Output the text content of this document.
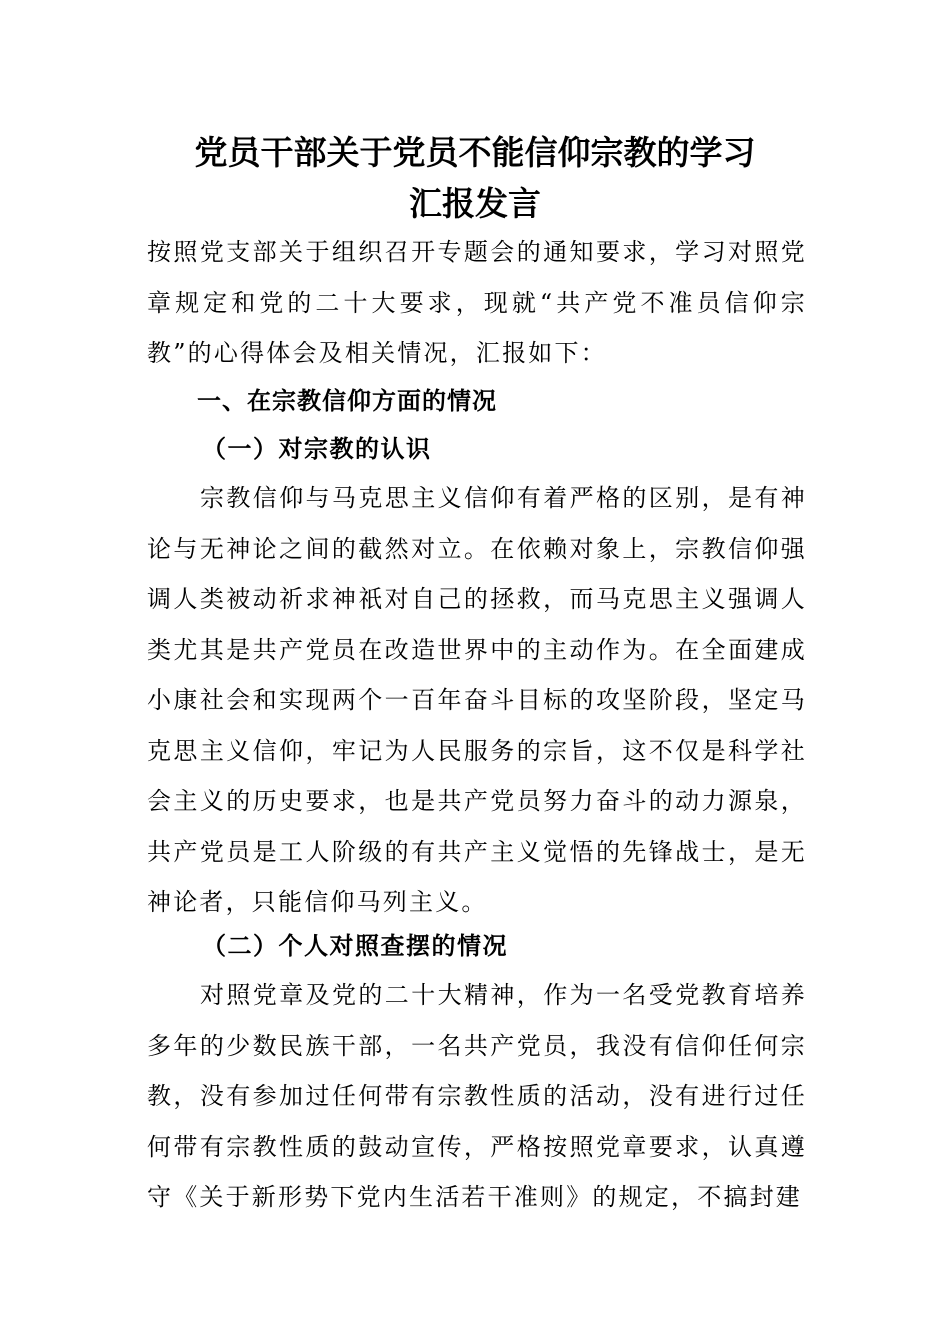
党员干部关于党员不能信仰宗教的学习
汇报发言

按照党支部关于组织召开专题会的通知要求，学习对照党章规定和党的二十大要求，现就“共产党不准员信仰宗教”的心得体会及相关情况，汇报如下：

一、在宗教信仰方面的情况
（一）对宗教的认识

宗教信仰与马克思主义信仰有着严格的区别，是有神论与无神论之间的截然对立。在依赖对象上，宗教信仰强调人类被动祈求神祇对自己的拯救，而马克思主义强调人类尤其是共产党员在改造世界中的主动作为。在全面建成小康社会和实现两个一百年奋斗目标的攻坚阶段，坚定马克思主义信仰，牢记为人民服务的宗旨，这不仅是科学社会主义的历史要求，也是共产党员努力奋斗的动力源泉，共产党员是工人阶级的有共产主义觉悟的先锋战士，是无神论者，只能信仰马列主义。

（二）个人对照查摆的情况

对照党章及党的二十大精神，作为一名受党教育培养多年的少数民族干部，一名共产党员，我没有信仰任何宗教，没有参加过任何带有宗教性质的活动，没有进行过任何带有宗教性质的鼓动宣传，严格按照党章要求，认真遵守《关于新形势下党内生活若干准则》的规定，不搞封建
